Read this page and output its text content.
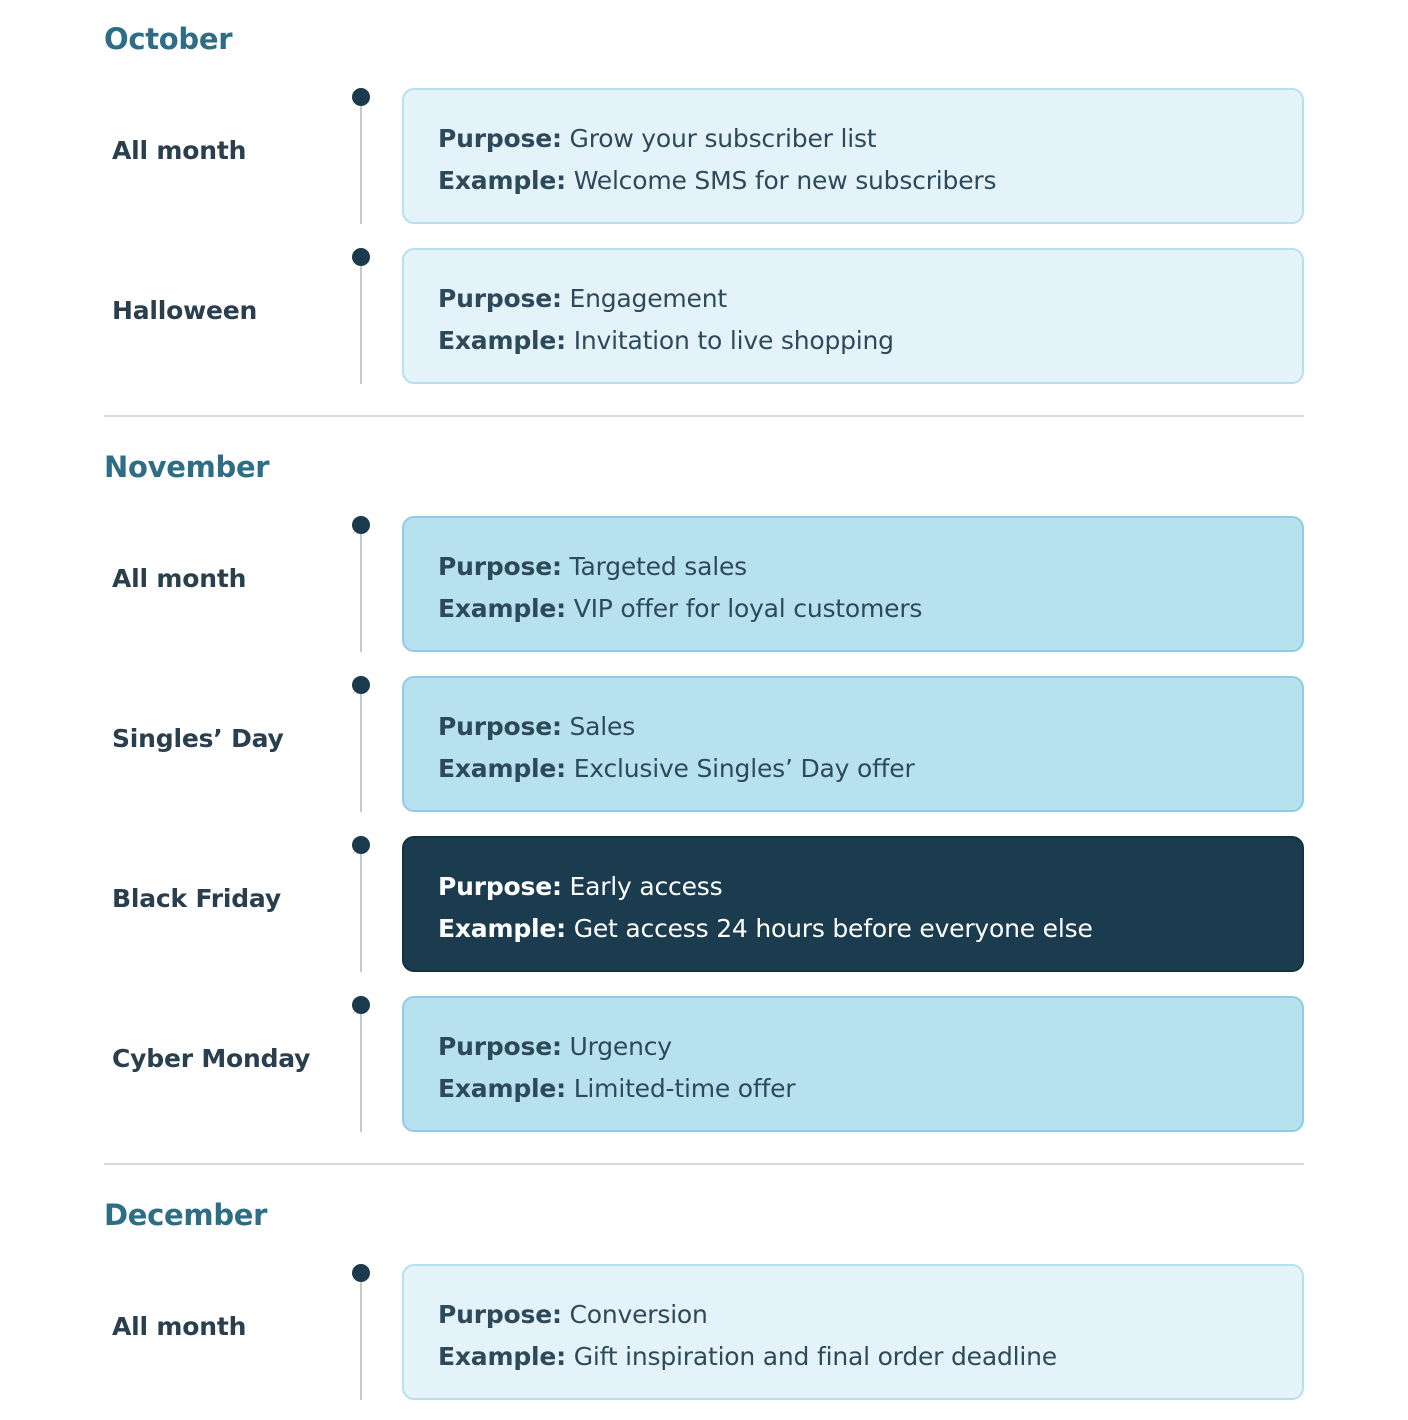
October
All month	Purpose: Grow your subscriber list
Example: Welcome SMS for new subscribers
Halloween	Purpose: Engagement
Example: Invitation to live shopping
November
All month	Purpose: Targeted sales
Example: VIP offer for loyal customers
Singles’ Day	Purpose: Sales
Example: Exclusive Singles’ Day offer
Black Friday	Purpose: Early access
Example: Get access 24 hours before everyone else
Cyber Monday	Purpose: Urgency
Example: Limited-time offer
December
All month	Purpose: Conversion
Example: Gift inspiration and final order deadline
